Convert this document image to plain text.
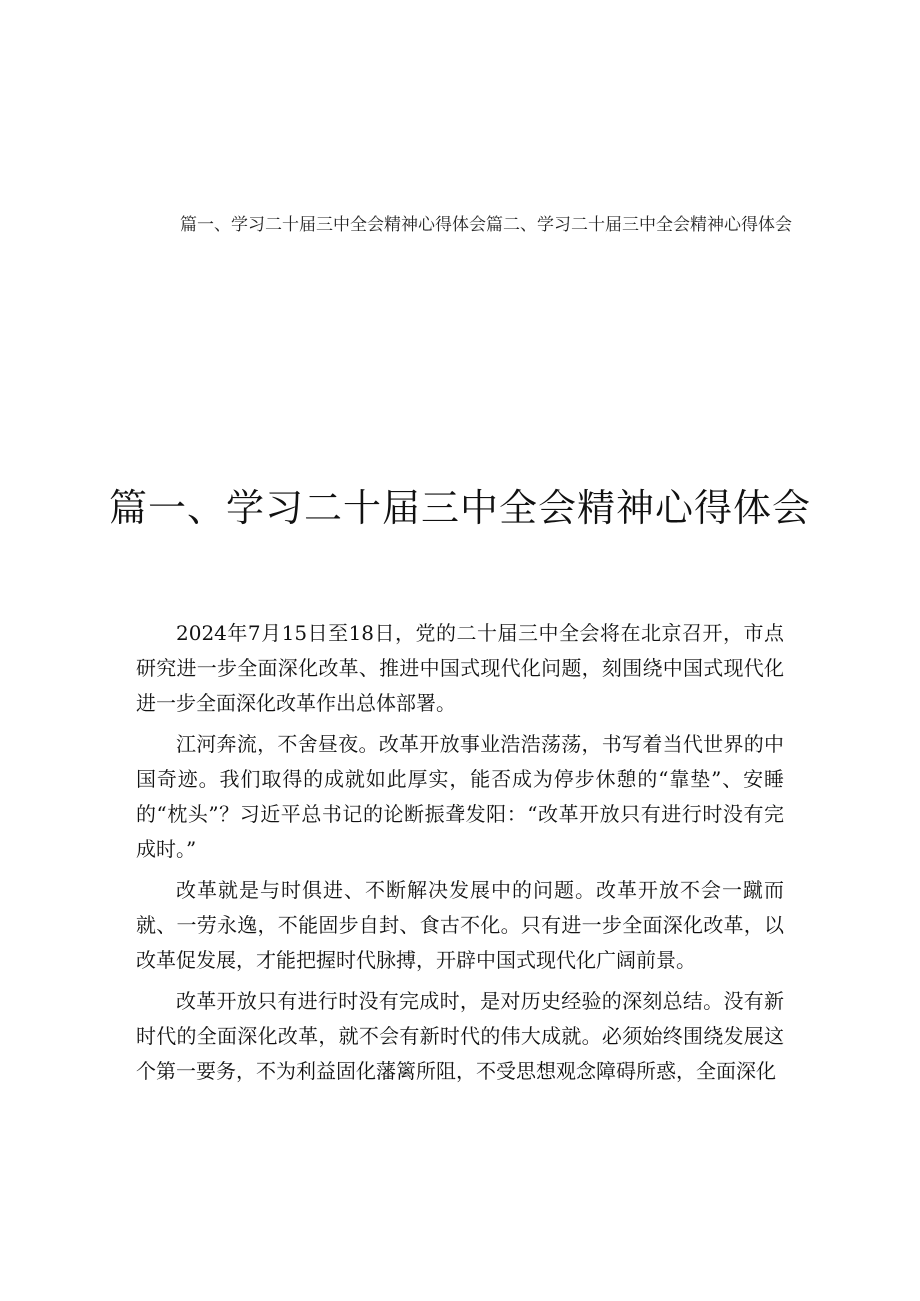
篇一、学习二十届三中全会精神心得体会篇二、学习二十届三中全会精神心得体会
篇一、学习二十届三中全会精神心得体会

2024年7月15日至18日，党的二十届三中全会将在北京召开，市点研究进一步全面深化改革、推进中国式现代化问题，刻围绕中国式现代化进一步全面深化改革作出总体部署。

江河奔流，不舍昼夜。改革开放事业浩浩荡荡，书写着当代世界的中国奇迹。我们取得的成就如此厚实，能否成为停步休憩的“靠垫”、安睡的“枕头”？习近平总书记的论断振聋发阳：“改革开放只有进行时没有完成时。”

改革就是与时俱进、不断解决发展中的问题。改革开放不会一蹴而就、一劳永逸，不能固步自封、食古不化。只有进一步全面深化改革，以改革促发展，才能把握时代脉搏，开辟中国式现代化广阔前景。

改革开放只有进行时没有完成时，是对历史经验的深刻总结。没有新时代的全面深化改革，就不会有新时代的伟大成就。必须始终围绕发展这个第一要务，不为利益固化藩篱所阻，不受思想观念障碍所惑，全面深化
